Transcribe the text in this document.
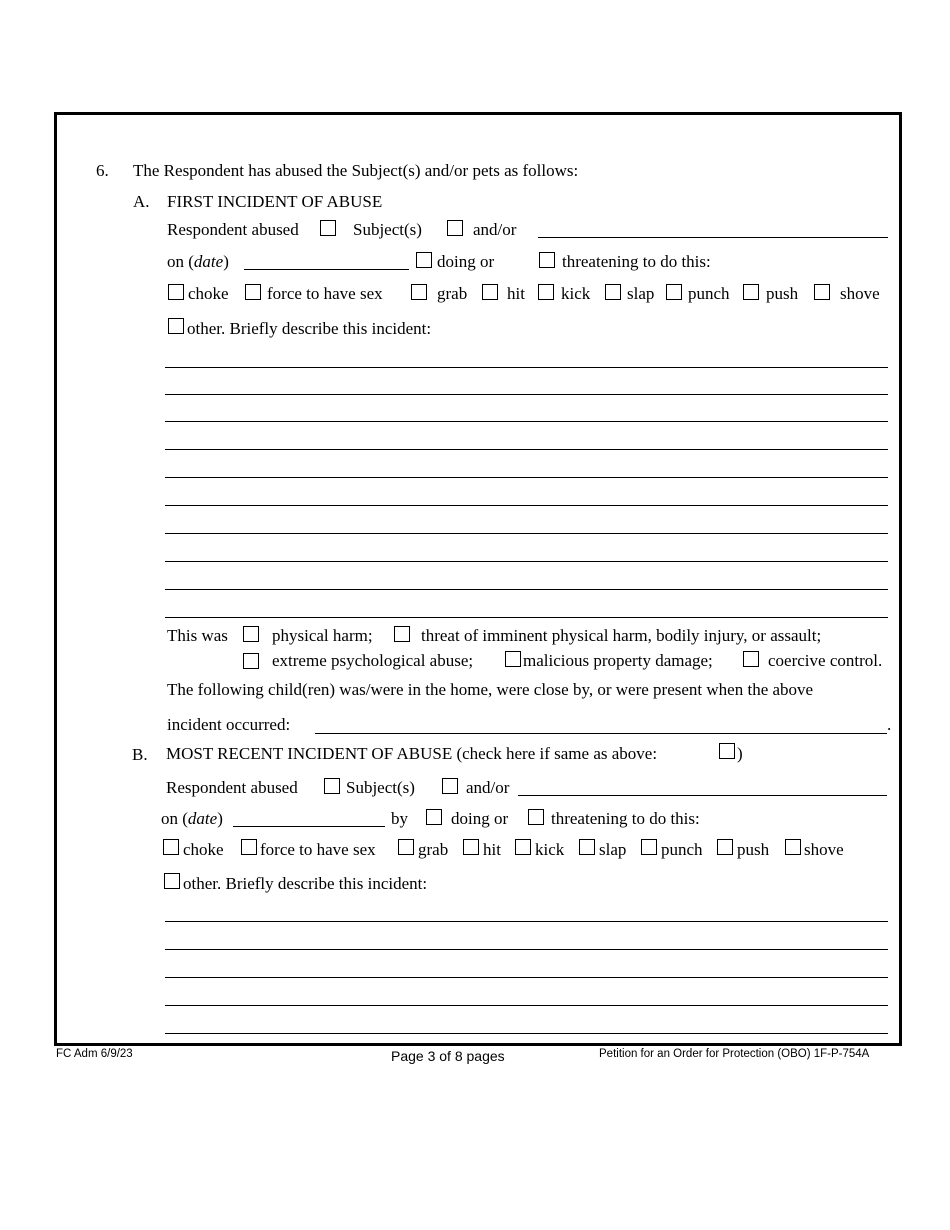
6. The Respondent has abused the Subject(s) and/or pets as follows:
A. FIRST INCIDENT OF ABUSE
Respondent abused	Subject(s)	and/or
on (date)	doing or	threatening to do this:
choke force to have sex	grab hit kick slap punch push shove
other. Briefly describe this incident:
This was	physical harm;	threat of imminent physical harm, bodily injury, or assault;
extreme psychological abuse;	malicious property damage;	coercive control.
The following child(ren) was/were in the home, were close by, or were present when the above
incident occurred:	.
B. MOST RECENT INCIDENT OF ABUSE (check here if same as above:	)
Respondent abused	Subject(s)	and/or
on (date)	by	doing or	threatening to do this:
choke force to have sex grab hit kick slap punch push shove
other. Briefly describe this incident:
FC Adm 6/9/23	Page 3 of 8 pages	Petition for an Order for Protection (OBO) 1F-P-754A
